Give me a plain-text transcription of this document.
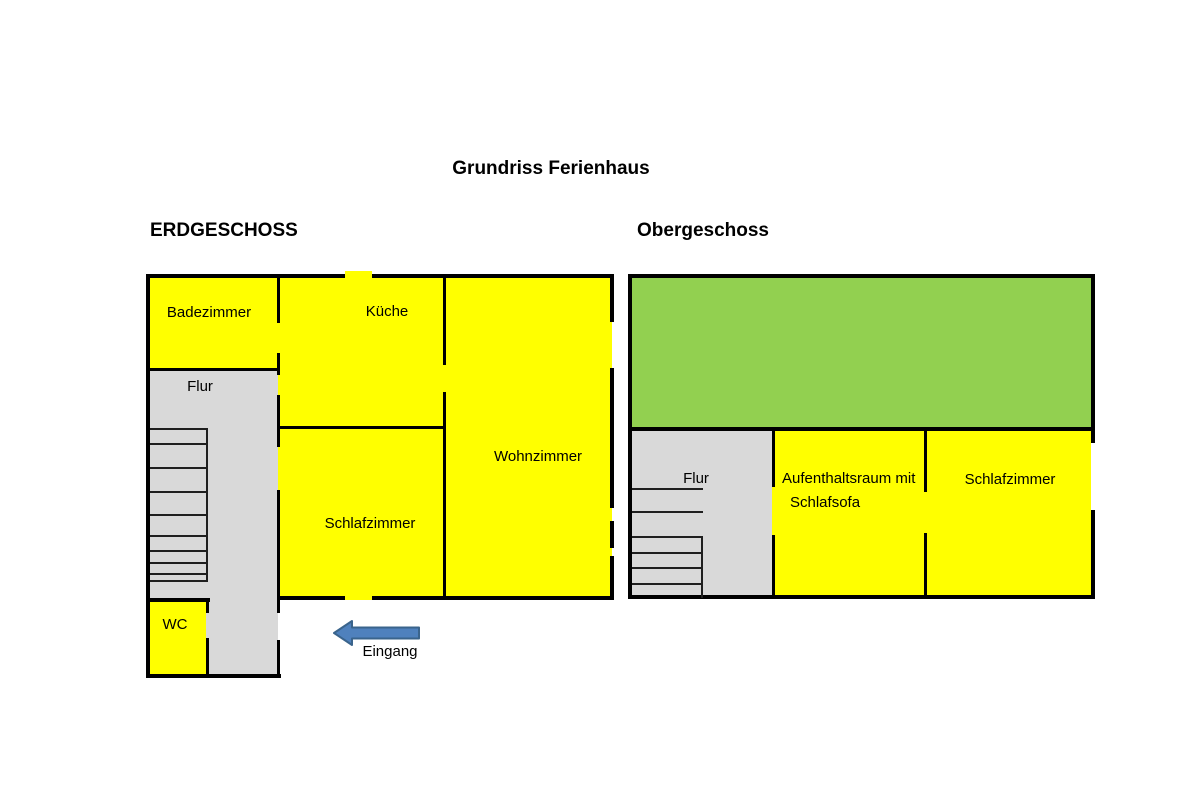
Grundriss Ferienhaus
ERDGESCHOSS	Obergeschoss
Badezimmer	Küche
Wohnzimmer
Flur
Schlafzimmer
WC
Eingang
Flur	Aufenthaltsraum mit
Schlafsofa
Schlafzimmer
